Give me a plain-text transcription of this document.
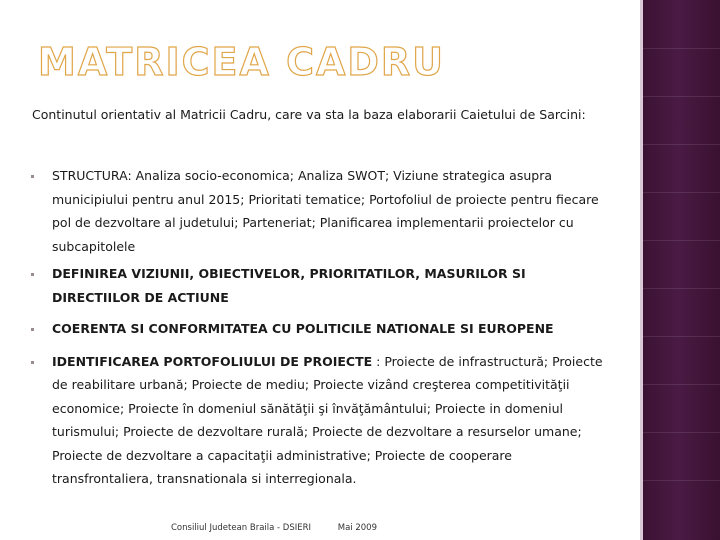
MATRICEA CADRU

Continutul orientativ al Matricii Cadru, care va sta la baza elaborarii Caietului de Sarcini:

STRUCTURA: Analiza socio-economica; Analiza SWOT; Viziune strategica asupra municipiului pentru anul 2015; Prioritati tematice; Portofoliul de proiecte pentru fiecare pol de dezvoltare al judetului; Parteneriat; Planificarea implementarii proiectelor cu subcapitolele
DEFINIREA VIZIUNII, OBIECTIVELOR, PRIORITATILOR, MASURILOR SI DIRECTIILOR DE ACTIUNE
COERENTA SI CONFORMITATEA CU POLITICILE NATIONALE SI EUROPENE
IDENTIFICAREA PORTOFOLIULUI DE PROIECTE : Proiecte de infrastructură; Proiecte de reabilitare urbană; Proiecte de mediu; Proiecte vizând creşterea competitivităţii economice; Proiecte în domeniul sănătăţii şi învăţământului; Proiecte in domeniul turismului; Proiecte de dezvoltare rurală; Proiecte de dezvoltare a resurselor umane; Proiecte de dezvoltare a capacitaţii administrative; Proiecte de cooperare transfrontaliera, transnationala si interregionala.
Consiliul Judetean Braila - DSIERI	Mai 2009
